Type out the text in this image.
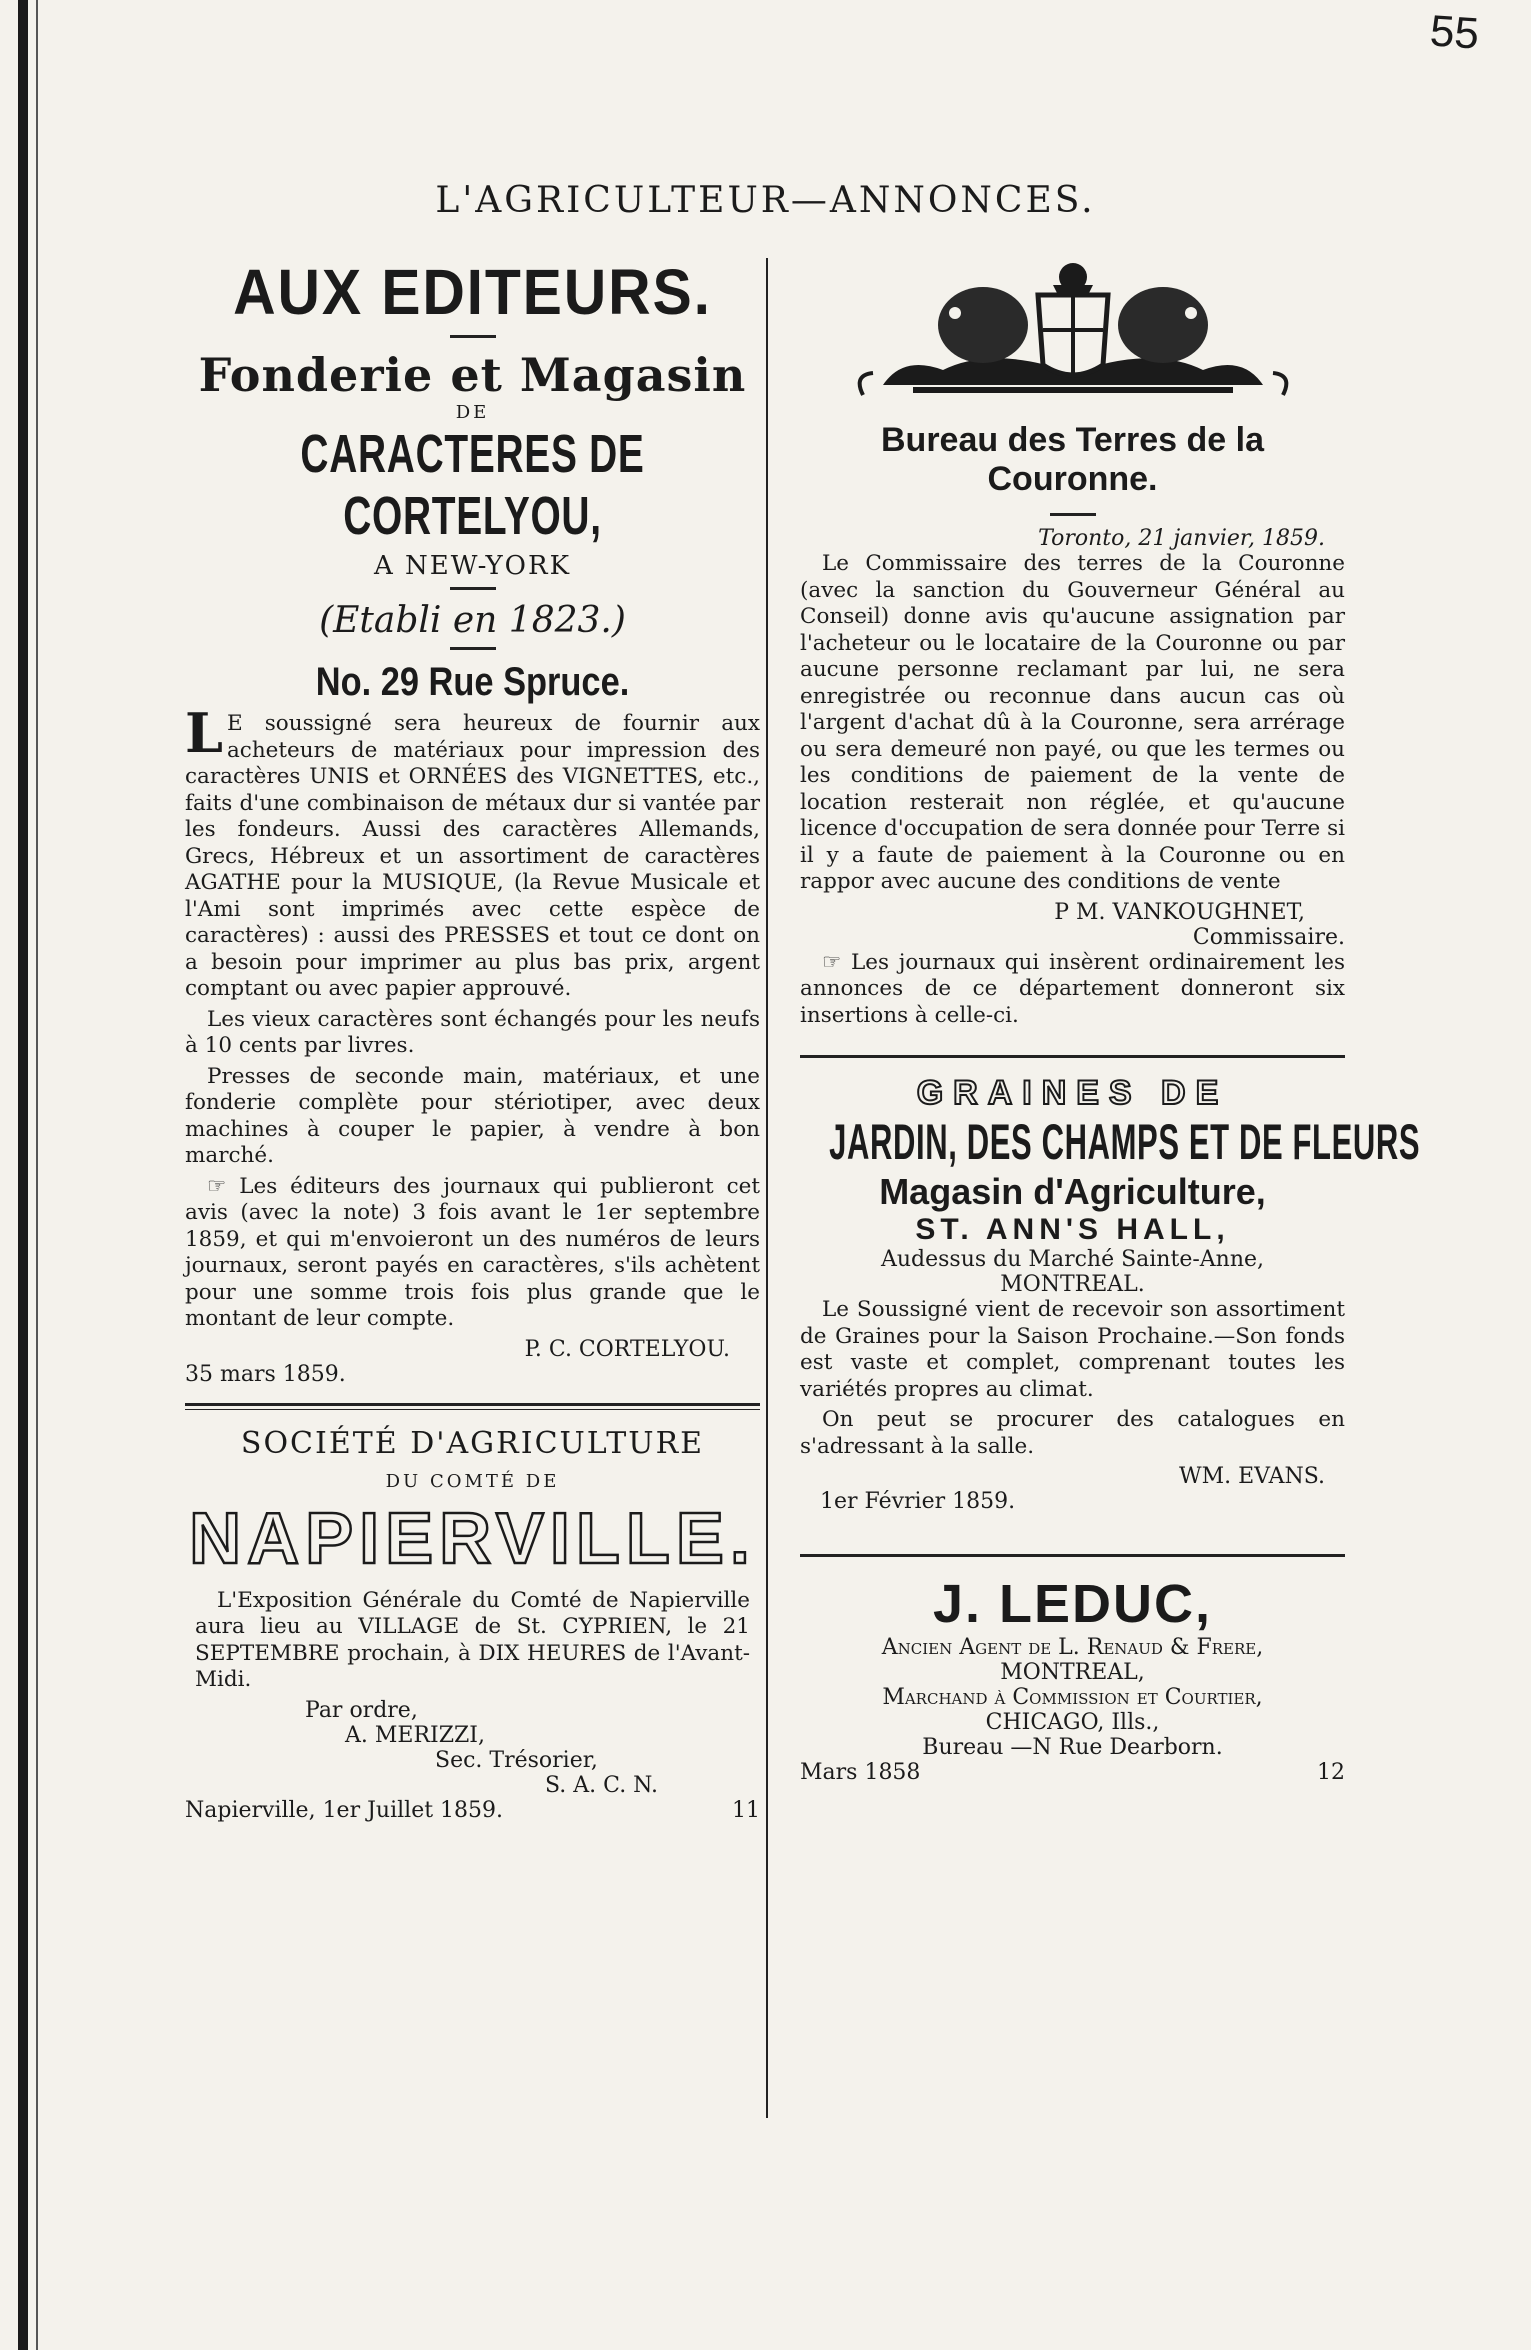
55
L'AGRICULTEUR—ANNONCES.
AUX EDITEURS.
Fonderie et Magasin
DE
CARACTERES DE CORTELYOU,
A NEW-YORK
(Etabli en 1823.)
No. 29 Rue Spruce.

LE soussigné sera heureux de fournir aux acheteurs de matériaux pour impression des caractères UNIS et ORNÉES des VIGNETTES, etc., faits d'une combinaison de métaux dur si vantée par les fondeurs. Aussi des caractères Allemands, Grecs, Hébreux et un assortiment de caractères AGATHE pour la MUSIQUE, (la Revue Musicale et l'Ami sont imprimés avec cette espèce de caractères) : aussi des PRESSES et tout ce dont on a besoin pour imprimer au plus bas prix, argent comptant ou avec papier approuvé.

Les vieux caractères sont échangés pour les neufs à 10 cents par livres.

Presses de seconde main, matériaux, et une fonderie complète pour stériotiper, avec deux machines à couper le papier, à vendre à bon marché.

☞ Les éditeurs des journaux qui publieront cet avis (avec la note) 3 fois avant le 1er septembre 1859, et qui m'envoieront un des numéros de leurs journaux, seront payés en caractères, s'ils achètent pour une somme trois fois plus grande que le montant de leur compte.

P. C. CORTELYOU.
35 mars 1859.
SOCIÉTÉ D'AGRICULTURE
DU COMTÉ DE
NAPIERVILLE.

L'Exposition Générale du Comté de Napierville aura lieu au VILLAGE de St. CYPRIEN, le 21 SEPTEMBRE prochain, à DIX HEURES de l'Avant-Midi.

Par ordre,
A. MERIZZI,
Sec. Trésorier,
S. A. C. N.
Napierville, 1er Juillet 1859.	11
Bureau des Terres de la Couronne.
Toronto, 21 janvier, 1859.

Le Commissaire des terres de la Couronne (avec la sanction du Gouverneur Général au Conseil) donne avis qu'aucune assignation par l'acheteur ou le locataire de la Couronne ou par aucune personne reclamant par lui, ne sera enregistrée ou reconnue dans aucun cas où l'argent d'achat dû à la Couronne, sera arrérage ou sera demeuré non payé, ou que les termes ou les conditions de paiement de la vente de location resterait non réglée, et qu'aucune licence d'occupation de sera donnée pour Terre si il y a faute de paiement à la Couronne ou en rappor avec aucune des conditions de vente

P M. VANKOUGHNET,
Commissaire.

☞ Les journaux qui insèrent ordinairement les annonces de ce département donneront six insertions à celle-ci.

GRAINES DE
JARDIN, DES CHAMPS ET DE FLEURS
Magasin d'Agriculture,
ST. ANN'S HALL,
Audessus du Marché Sainte-Anne,
MONTREAL.

Le Soussigné vient de recevoir son assortiment de Graines pour la Saison Prochaine.—Son fonds est vaste et complet, comprenant toutes les variétés propres au climat.

On peut se procurer des catalogues en s'adressant à la salle.

WM. EVANS.
1er Février 1859.
J. LEDUC,
Ancien Agent de L. Renaud & Frere,
MONTREAL,
Marchand à Commission et Courtier,
CHICAGO, Ills.,
Bureau —N Rue Dearborn.
Mars 1858	12
